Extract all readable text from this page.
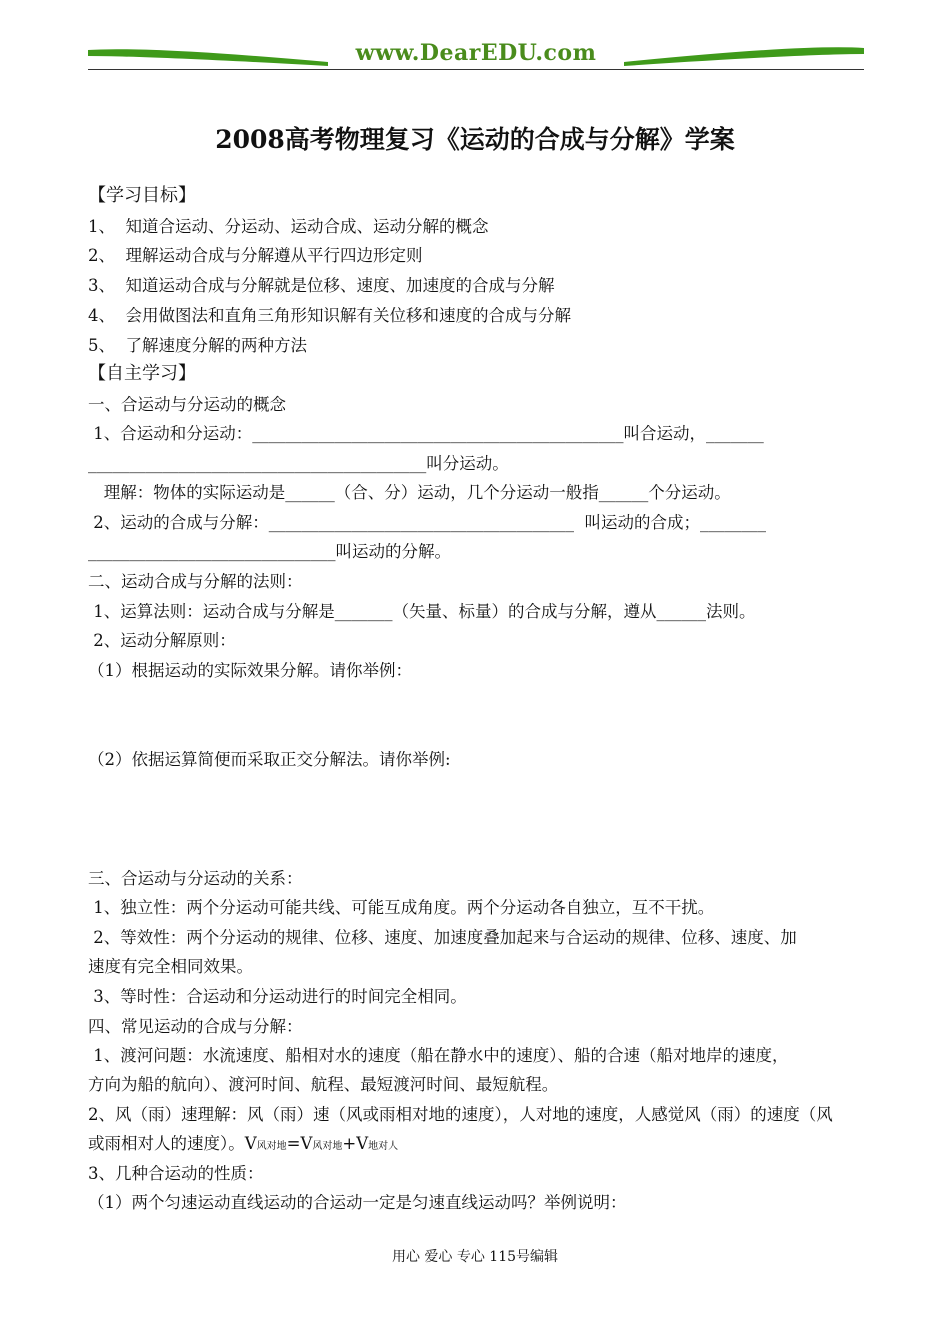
www.DearEDU.com
2008高考物理复习《运动的合成与分解》学案
【学习目标】
1、  知道合运动、分运动、运动合成、运动分解的概念
2、  理解运动合成与分解遵从平行四边形定则
3、  知道运动合成与分解就是位移、速度、加速度的合成与分解
4、  会用做图法和直角三角形知识解有关位移和速度的合成与分解
5、  了解速度分解的两种方法
【自主学习】
一、合运动与分运动的概念
1、合运动和分运动：_____________________________________________叫合运动，_______
_________________________________________叫分运动。
理解：物体的实际运动是______（合、分）运动，几个分运动一般指______个分运动。
2、运动的合成与分解：_____________________________________  叫运动的合成；________
______________________________叫运动的分解。
二、运动合成与分解的法则：
1、运算法则：运动合成与分解是_______（矢量、标量）的合成与分解，遵从______法则。
2、运动分解原则：
（1）根据运动的实际效果分解。请你举例：
（2）依据运算简便而采取正交分解法。请你举例:
三、合运动与分运动的关系：
1、独立性：两个分运动可能共线、可能互成角度。两个分运动各自独立，互不干扰。
2、等效性：两个分运动的规律、位移、速度、加速度叠加起来与合运动的规律、位移、速度、加
速度有完全相同效果。
3、等时性：合运动和分运动进行的时间完全相同。
四、常见运动的合成与分解：
1、渡河问题：水流速度、船相对水的速度（船在静水中的速度）、船的合速（船对地岸的速度，
方向为船的航向）、渡河时间、航程、最短渡河时间、最短航程。
2、风（雨）速理解：风（雨）速（风或雨相对地的速度），人对地的速度，人感觉风（雨）的速度（风
或雨相对人的速度）。V风对地=V风对地+V地对人
3、几种合运动的性质：
（1）两个匀速运动直线运动的合运动一定是匀速直线运动吗？举例说明：
用心 爱心 专心 115号编辑
